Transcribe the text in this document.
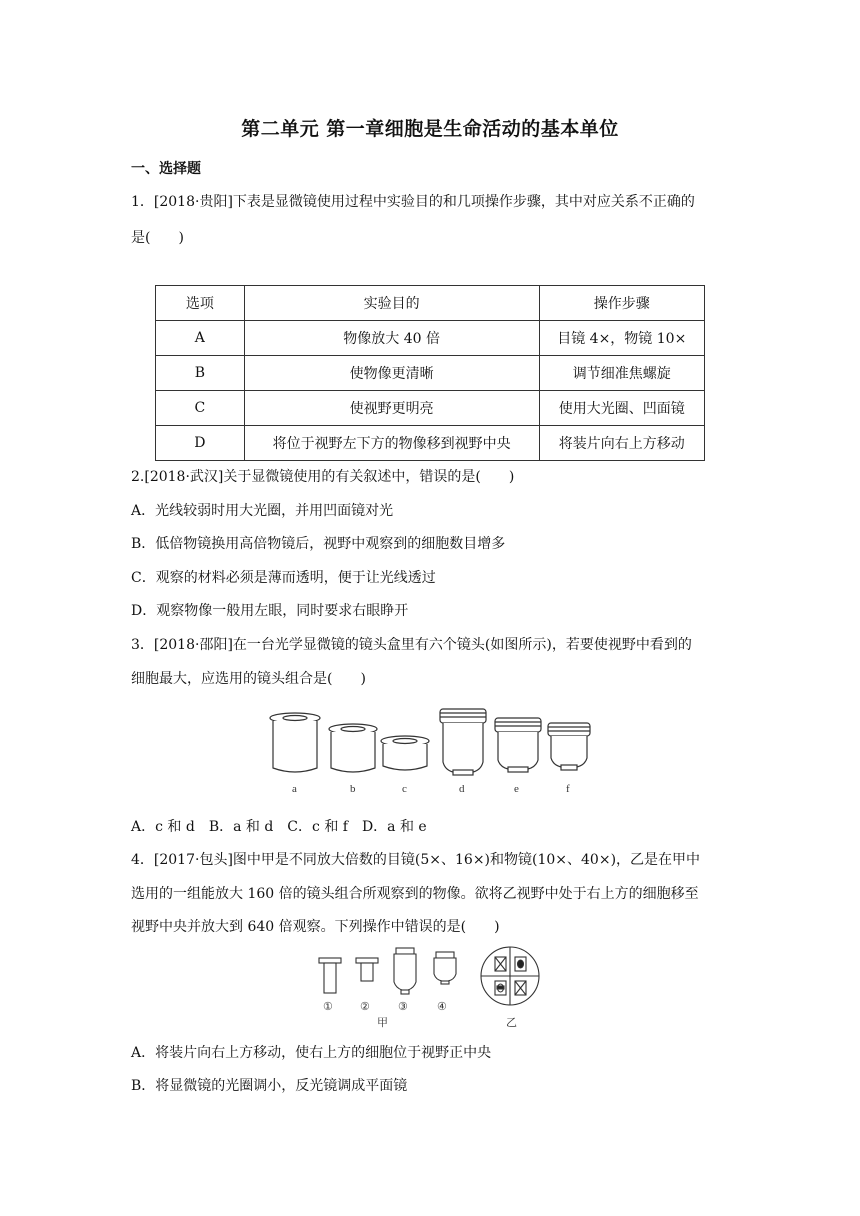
第二单元 第一章细胞是生命活动的基本单位
一、选择题
1．[2018·贵阳]下表是显微镜使用过程中实验目的和几项操作步骤，其中对应关系不正确的
是(　　)
选项	实验目的	操作步骤
A	物像放大 40 倍	目镜 4×，物镜 10×
B	使物像更清晰	调节细准焦螺旋
C	使视野更明亮	使用大光圈、凹面镜
D	将位于视野左下方的物像移到视野中央	将装片向右上方移动
2.[2018·武汉]关于显微镜使用的有关叙述中，错误的是(　　)
A．光线较弱时用大光圈，并用凹面镜对光
B．低倍物镜换用高倍物镜后，视野中观察到的细胞数目增多
C．观察的材料必须是薄而透明，便于让光线透过
D．观察物像一般用左眼，同时要求右眼睁开
3．[2018·邵阳]在一台光学显微镜的镜头盒里有六个镜头(如图所示)，若要使视野中看到的
细胞最大，应选用的镜头组合是(　　)
a	b	c	d	e	f
A．c 和 d　B．a 和 d　C．c 和 f　D．a 和 e
4．[2017·包头]图中甲是不同放大倍数的目镜(5×、16×)和物镜(10×、40×)，乙是在甲中
选用的一组能放大 160 倍的镜头组合所观察到的物像。欲将乙视野中处于右上方的细胞移至
视野中央并放大到 640 倍观察。下列操作中错误的是(　　)
① ②	③	④
甲	乙
A．将装片向右上方移动，使右上方的细胞位于视野正中央
B．将显微镜的光圈调小，反光镜调成平面镜
